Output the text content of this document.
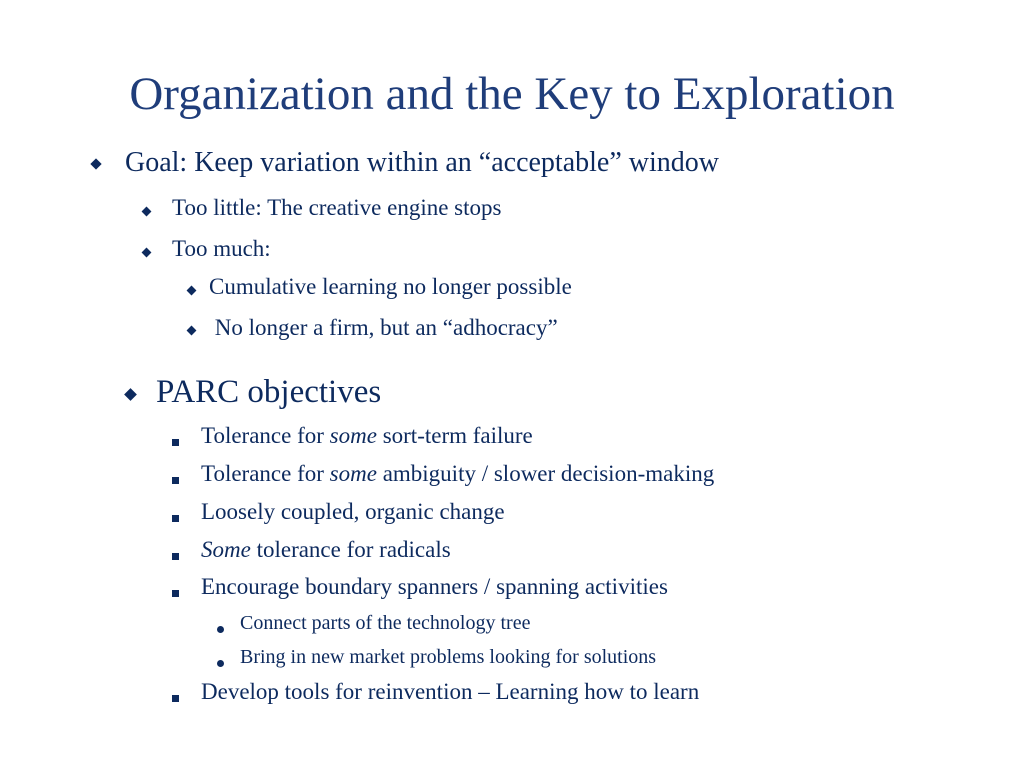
Organization and the Key to Exploration
Goal: Keep variation within an “acceptable” window
Too little: The creative engine stops
Too much:
Cumulative learning no longer possible
No longer a firm, but an “adhocracy”
PARC objectives
Tolerance for some sort-term failure
Tolerance for some ambiguity / slower decision-making
Loosely coupled, organic change
Some tolerance for radicals
Encourage boundary spanners / spanning activities
Connect parts of the technology tree
Bring in new market problems looking for solutions
Develop tools for reinvention – Learning how to learn
